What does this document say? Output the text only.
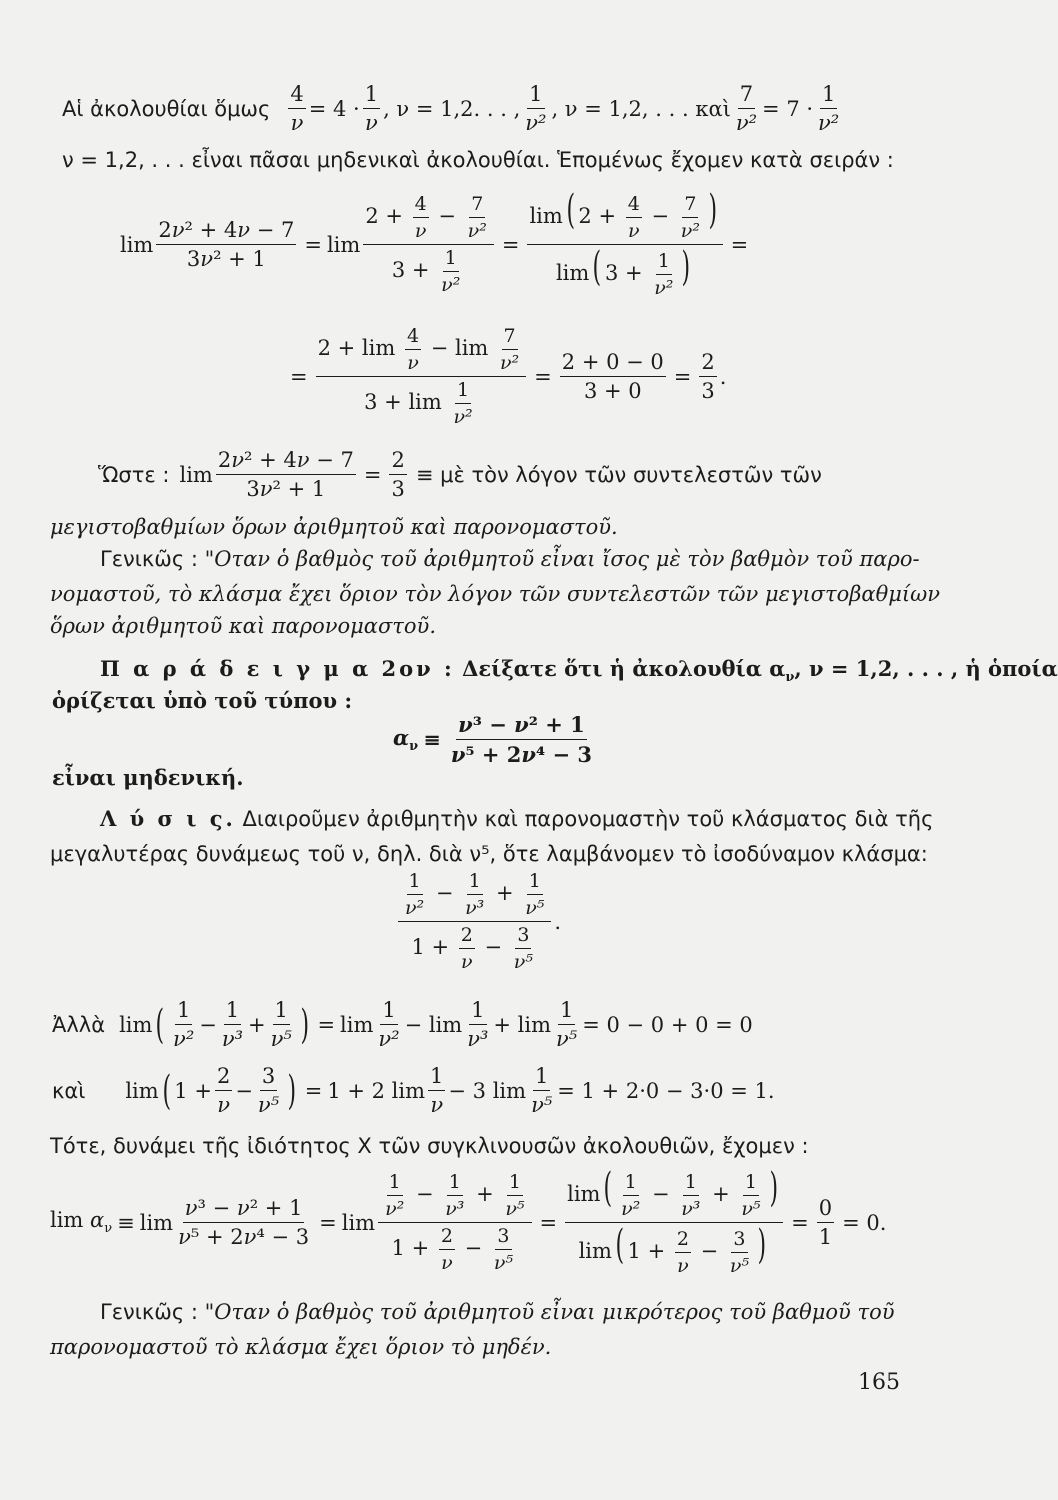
Αἱ ἀκολουθίαι ὅμως $\frac{4}{\nu} = 4$ ·
1
ν
, ν = 1,2. . . ,
1
ν²
, ν = 1,2, . . . καὶ $\frac{7}{\text{ν²}} = 7$ ·
1
ν²
ν = 1,2, . . . εἶναι πᾶσαι μηδενικαὶ ἀκολουθίαι. Ἑπομένως ἔχομεν κατὰ σειράν :
$\lim \frac{\text{2ν² + 4ν − 7}}{\text{3ν² + 1}} = \lim \frac{2 + \frac{4}{\nu} - \frac{7}{\text{ν²}}}{3 + \frac{1}{\text{ν²}}} = \frac{\lim( 2 + \frac{4}{\nu} - \frac{7}{\text{ν²}} )}{\lim( 3 + \frac{1}{\text{ν²}} )}$ =
= $\frac{2 + \lim \frac{4}{\nu} - \lim \frac{7}{\text{ν²}}}{3 + \lim \frac{1}{\text{ν²}}} = \frac{2 + 0 - 0}{3 + 0} = \frac{2}{3}$ .
Ὥστε : $\lim \frac{\text{2ν² + 4ν − 7}}{\text{3ν² + 1}} = \frac{2}{3}$ ≡ μὲ τὸν λόγον τῶν συντελεστῶν τῶν
μεγιστοβαθμίων ὅρων ἀριθμητοῦ καὶ παρονομαστοῦ.
Γενικῶς : "Οταν ὁ βαθμὸς τοῦ ἀριθμητοῦ εἶναι ἴσος μὲ τὸν βαθμὸν τοῦ παρο-
νομαστοῦ, τὸ κλάσμα ἔχει ὅριον τὸν λόγον τῶν συντελεστῶν τῶν μεγιστοβαθμίων
ὅρων ἀριθμητοῦ καὶ παρονομαστοῦ.
Π α ρ ά δ ε ι γ μ α 2ον : Δείξατε ὅτι ἡ ἀκολουθία $\alpha_\nu$, ν = 1,2, . . . , ἡ ὁποία
ὁρίζεται ὑπὸ τοῦ τύπου :
$\alpha_\nu$ ≡
ν³ − ν² + 1
ν⁵ + 2ν⁴ − 3
εἶναι μηδενική.
Λ ύ σ ι ς. Διαιροῦμεν ἀριθμητὴν καὶ παρονομαστὴν τοῦ κλάσματος διὰ τῆς
μεγαλυτέρας δυνάμεως τοῦ ν, δηλ. διὰ ν⁵, ὅτε λαμβάνομεν τὸ ἰσοδύναμον κλάσμα:
$\frac{1}{\text{ν²}} - \frac{1}{\text{ν³}} + \frac{1}{\text{ν⁵}}$
$1 + \frac{2}{\nu} - \frac{3}{\text{ν⁵}}$
.
Ἀλλὰ lim ( 1
ν²
−
1
ν³
+
1
ν⁵ ) = $\lim \frac{1}{\text{ν²}} - \lim$
1
ν³
+ $\lim \frac{1}{\text{ν⁵}} = 0 - 0 + 0 = 0$
καὶ lim ( 1 +
2
ν
−
3
ν⁵ ) = 1 + 2 $\lim \frac{1}{\nu} - 3$ $\lim \frac{1}{\text{ν⁵}} = 1 + 2\cdot 0 - 3\cdot 0 = 1$.
Τότε, δυνάμει τῆς ἰδιότητος X τῶν συγκλινουσῶν ἀκολουθιῶν, ἔχομεν :
$\lim \alpha_\nu \equiv \lim \frac{\text{ν³ − ν² + 1}}{\text{ν⁵ + 2ν⁴ − 3}} = \lim \frac{\frac{1}{\text{ν²}} - \frac{1}{\text{ν³}} + \frac{1}{\text{ν⁵}}}{1 + \frac{2}{\nu} - \frac{3}{\text{ν⁵}}} = \frac{\lim( \frac{1}{\text{ν²}} - \frac{1}{\text{ν³}} + \frac{1}{\text{ν⁵}} )}{\lim( 1 + \frac{2}{\nu} - \frac{3}{\text{ν⁵}} )} = \frac{0}{1} = 0$.
Γενικῶς : "Οταν ὁ βαθμὸς τοῦ ἀριθμητοῦ εἶναι μικρότερος τοῦ βαθμοῦ τοῦ
παρονομαστοῦ τὸ κλάσμα ἔχει ὅριον τὸ μηδέν.
165
